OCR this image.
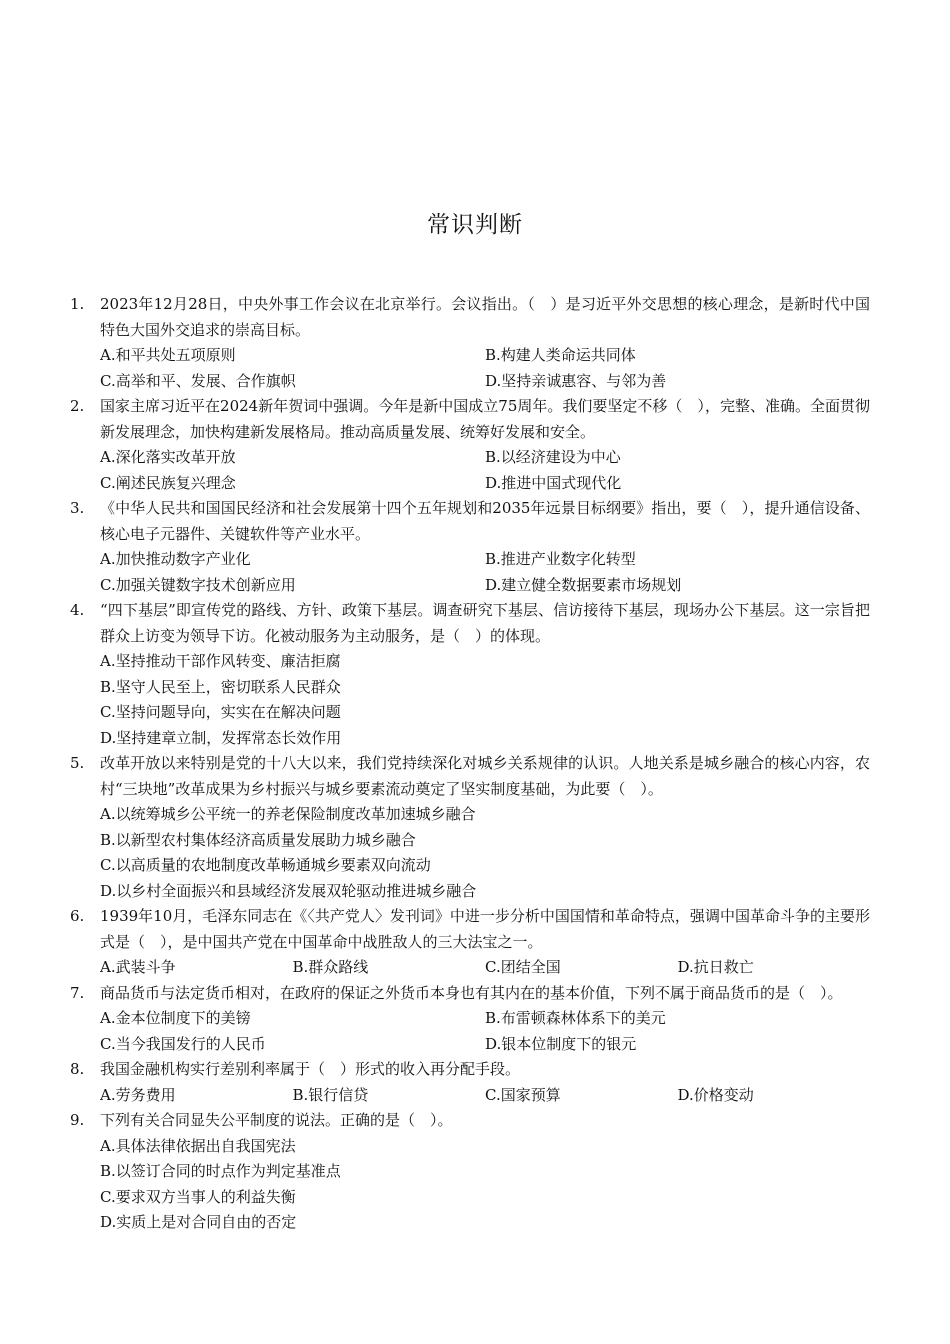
常识判断
1.	2023年12月28日，中央外事工作会议在北京举行。会议指出。（　）是习近平外交思想的核心理念，是新时代中国特色大国外交追求的崇高目标。
A.和平共处五项原则	B.构建人类命运共同体
C.高举和平、发展、合作旗帜	D.坚持亲诚惠容、与邻为善
2.	国家主席习近平在2024新年贺词中强调。今年是新中国成立75周年。我们要坚定不移（　），完整、准确。全面贯彻新发展理念，加快构建新发展格局。推动高质量发展、统筹好发展和安全。
A.深化落实改革开放	B.以经济建设为中心
C.阐述民族复兴理念	D.推进中国式现代化
3.	《中华人民共和国国民经济和社会发展第十四个五年规划和2035年远景目标纲要》指出，要（　），提升通信设备、核心电子元器件、关键软件等产业水平。
A.加快推动数字产业化	B.推进产业数字化转型
C.加强关键数字技术创新应用	D.建立健全数据要素市场规划
4.	“四下基层”即宣传党的路线、方针、政策下基层。调查研究下基层、信访接待下基层，现场办公下基层。这一宗旨把群众上访变为领导下访。化被动服务为主动服务，是（　）的体现。
A.坚持推动干部作风转变、廉洁拒腐
B.坚守人民至上，密切联系人民群众
C.坚持问题导向，实实在在解决问题
D.坚持建章立制，发挥常态长效作用
5.	改革开放以来特别是党的十八大以来，我们党持续深化对城乡关系规律的认识。人地关系是城乡融合的核心内容，农村“三块地”改革成果为乡村振兴与城乡要素流动奠定了坚实制度基础，为此要（　）。
A.以统筹城乡公平统一的养老保险制度改革加速城乡融合
B.以新型农村集体经济高质量发展助力城乡融合
C.以高质量的农地制度改革畅通城乡要素双向流动
D.以乡村全面振兴和县域经济发展双轮驱动推进城乡融合
6.	1939年10月，毛泽东同志在《〈共产党人〉发刊词》中进一步分析中国国情和革命特点，强调中国革命斗争的主要形式是（　），是中国共产党在中国革命中战胜敌人的三大法宝之一。
A.武装斗争	B.群众路线	C.团结全国	D.抗日救亡
7.	商品货币与法定货币相对，在政府的保证之外货币本身也有其内在的基本价值，下列不属于商品货币的是（　）。
A.金本位制度下的美镑	B.布雷顿森林体系下的美元
C.当今我国发行的人民币	D.银本位制度下的银元
8.	我国金融机构实行差别利率属于（　）形式的收入再分配手段。
A.劳务费用	B.银行信贷	C.国家预算	D.价格变动
9.	下列有关合同显失公平制度的说法。正确的是（　）。
A.具体法律依据出自我国宪法
B.以签订合同的时点作为判定基准点
C.要求双方当事人的利益失衡
D.实质上是对合同自由的否定
